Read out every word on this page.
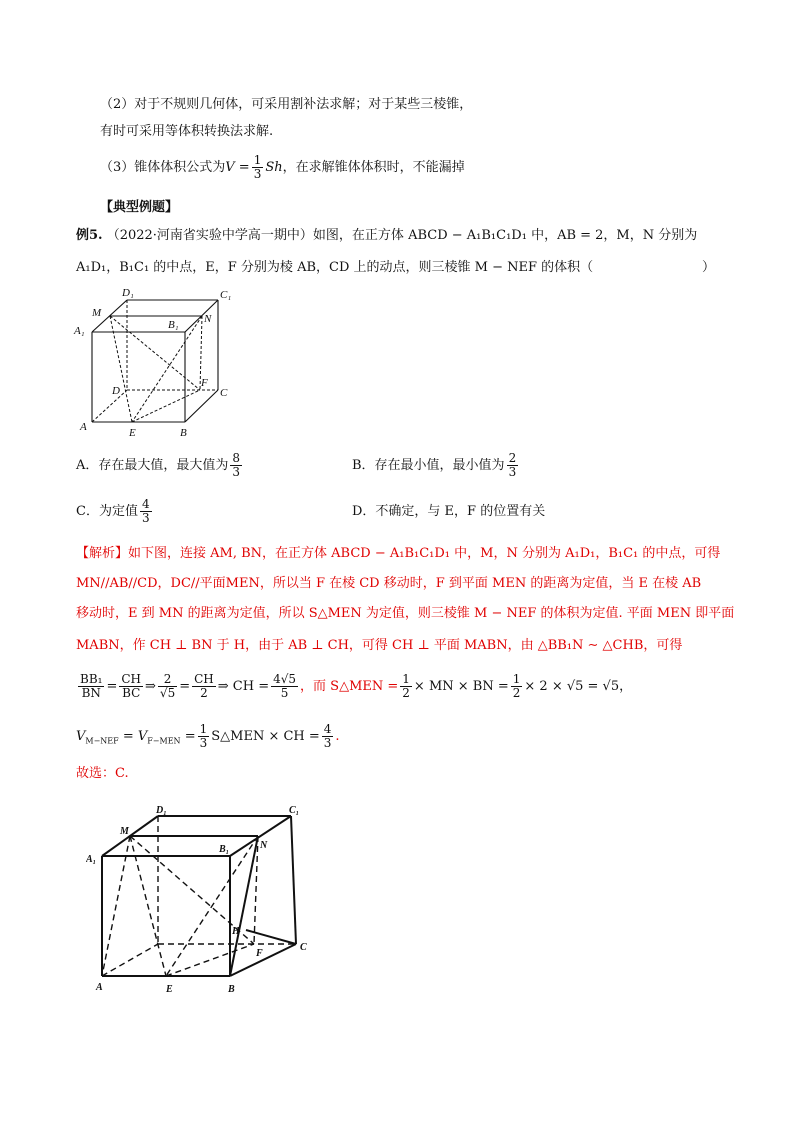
（2）对于不规则几何体，可采用割补法求解；对于某些三棱锥，
有时可采用等体积转换法求解.
（3）锥体体积公式为$V = \frac{1}{3}$ Sh，在求解锥体体积时，不能漏掉
【典型例题】
例5. （2022·河南省实验中学高一期中）如图，在正方体 ABCD − A₁B₁C₁D₁ 中，AB = 2，M，N 分别为
A₁D₁，B₁C₁ 的中点，E，F 分别为棱 AB，CD 上的动点，则三棱锥 M − NEF 的体积（	）
D₁	C₁
M
B₁ N
A₁
D
F
C
A	E	B
A．存在最大值，最大值为 $\frac{8}{3}$	B．存在最小值，最小值为 $\frac{2}{3}$
C．为定值 $\frac{4}{3}$	D．不确定，与 E，F 的位置有关
【解析】如下图，连接 AM, BN，在正方体 ABCD − A₁B₁C₁D₁ 中，M，N 分别为 A₁D₁，B₁C₁ 的中点，可得
MN//AB//CD，DC//平面MEN，所以当 F 在棱 CD 移动时，F 到平面 MEN 的距离为定值，当 E 在棱 AB
移动时，E 到 MN 的距离为定值，所以 S△MEN 为定值，则三棱锥 M − NEF 的体积为定值. 平面 MEN 即平面
MABN，作 CH ⊥ BN 于 H，由于 AB ⊥ CH，可得 CH ⊥ 平面 MABN，由 △BB₁N ∼ △CHB，可得
$\frac{\text{BB₁}}{BN} = \frac{CH}{BC}$ ⇒ $\frac{2}{√5} = \frac{CH}{2}$ ⇒ CH = $\frac{4√5}{5}$ ，而 S△MEN = $\frac{1}{2}$ × MN × BN = $\frac{1}{2} \times 2 \times √5 = √5$，
$V_{M-NEF} = V_{F-MEN} = \frac{1}{3}$ S△MEN × CH = $\frac{4}{3}$ .
故选：C.
D₁	C₁
M
B₁	N
A₁
H
F
C
A	E	B
